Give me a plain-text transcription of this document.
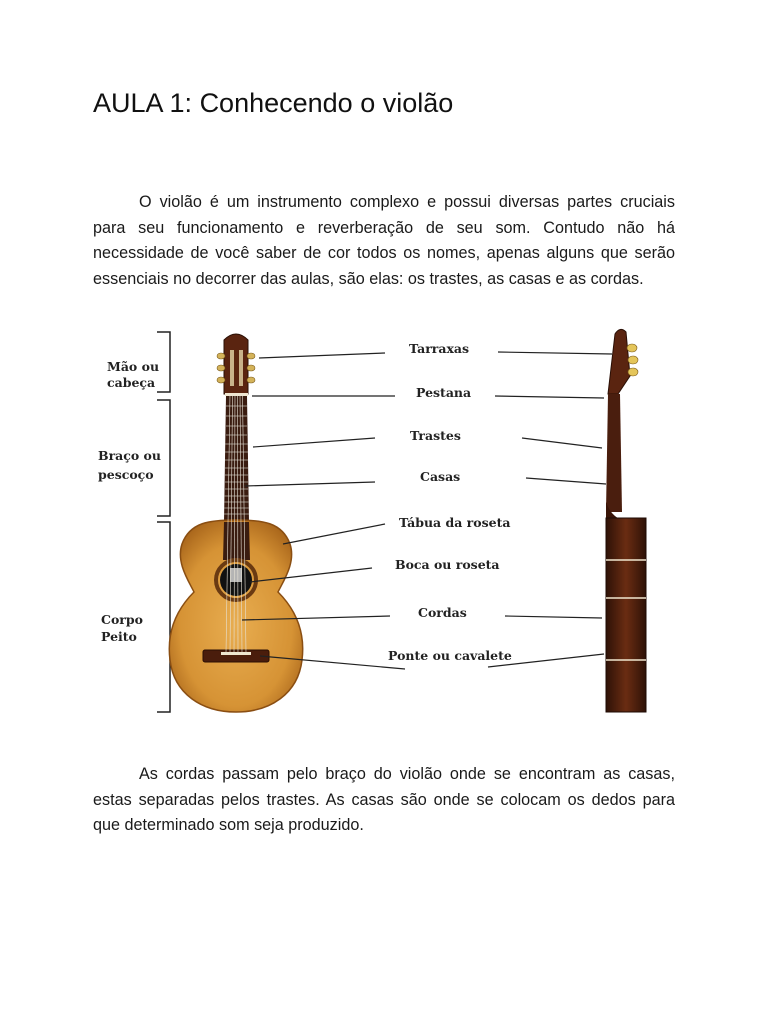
AULA 1: Conhecendo o violão

O violão é um instrumento complexo e possui diversas partes cruciais para seu funcionamento e reverberação de seu som. Contudo não há necessidade de você saber de cor todos os nomes, apenas alguns que serão essenciais no decorrer das aulas, são elas: os trastes, as casas e as cordas.

Mão ou
cabeça
Braço ou
pescoço
Corpo
Peito
Tarraxas
Pestana
Trastes
Casas
Tábua da roseta
Boca ou roseta
Cordas
Ponte ou cavalete

As cordas passam pelo braço do violão onde se encontram as casas, estas separadas pelos trastes. As casas são onde se colocam os dedos para que determinado som seja produzido.
